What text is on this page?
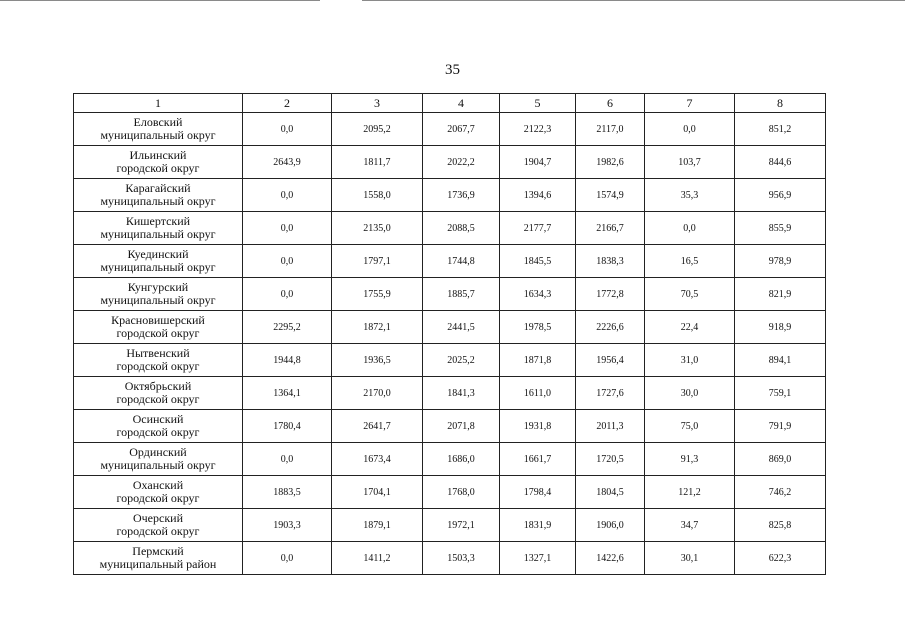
35
1	2	3	4	5	6	7	8

Еловский
муниципальный округ	0,0	2095,2	2067,7	2122,3	2117,0	0,0	851,2

Ильинский
городской округ	2643,9	1811,7	2022,2	1904,7	1982,6	103,7	844,6

Карагайский
муниципальный округ	0,0	1558,0	1736,9	1394,6	1574,9	35,3	956,9

Кишертский
муниципальный округ	0,0	2135,0	2088,5	2177,7	2166,7	0,0	855,9

Куединский
муниципальный округ	0,0	1797,1	1744,8	1845,5	1838,3	16,5	978,9

Кунгурский
муниципальный округ	0,0	1755,9	1885,7	1634,3	1772,8	70,5	821,9

Красновишерский
городской округ	2295,2	1872,1	2441,5	1978,5	2226,6	22,4	918,9

Нытвенский
городской округ	1944,8	1936,5	2025,2	1871,8	1956,4	31,0	894,1

Октябрьский
городской округ	1364,1	2170,0	1841,3	1611,0	1727,6	30,0	759,1

Осинский
городской округ	1780,4	2641,7	2071,8	1931,8	2011,3	75,0	791,9

Ординский
муниципальный округ	0,0	1673,4	1686,0	1661,7	1720,5	91,3	869,0

Оханский
городской округ	1883,5	1704,1	1768,0	1798,4	1804,5	121,2	746,2

Очерский
городской округ	1903,3	1879,1	1972,1	1831,9	1906,0	34,7	825,8

Пермский
муниципальный район	0,0	1411,2	1503,3	1327,1	1422,6	30,1	622,3
